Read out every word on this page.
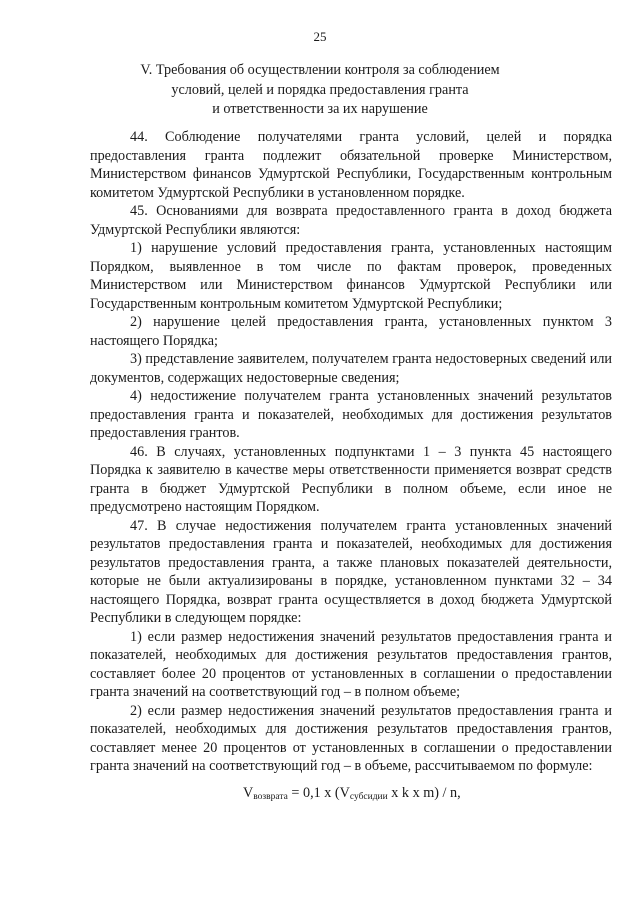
25
V. Требования об осуществлении контроля за соблюдением
условий, целей и порядка предоставления гранта
и ответственности за их нарушение

44. Соблюдение получателями гранта условий, целей и порядка предоставления гранта подлежит обязательной проверке Министерством, Министерством финансов Удмуртской Республики, Государственным контрольным комитетом Удмуртской Республики в установленном порядке.

45. Основаниями для возврата предоставленного гранта в доход бюджета Удмуртской Республики являются:

1) нарушение условий предоставления гранта, установленных настоящим Порядком, выявленное в том числе по фактам проверок, проведенных Министерством или Министерством финансов Удмуртской Республики или Государственным контрольным комитетом Удмуртской Республики;

2) нарушение целей предоставления гранта, установленных пунктом 3 настоящего Порядка;

3) представление заявителем, получателем гранта недостоверных сведений или документов, содержащих недостоверные сведения;

4) недостижение получателем гранта установленных значений результатов предоставления гранта и показателей, необходимых для достижения результатов предоставления грантов.

46. В случаях, установленных подпунктами 1 – 3 пункта 45 настоящего Порядка к заявителю в качестве меры ответственности применяется возврат средств гранта в бюджет Удмуртской Республики в полном объеме, если иное не предусмотрено настоящим Порядком.

47. В случае недостижения получателем гранта установленных значений результатов предоставления гранта и показателей, необходимых для достижения результатов предоставления гранта, а также плановых показателей деятельности, которые не были актуализированы в порядке, установленном пунктами 32 – 34 настоящего Порядка, возврат гранта осуществляется в доход бюджета Удмуртской Республики в следующем порядке:

1) если размер недостижения значений результатов предоставления гранта и показателей, необходимых для достижения результатов предоставления грантов, составляет более 20 процентов от установленных в соглашении о предоставлении гранта значений на соответствующий год – в полном объеме;

2) если размер недостижения значений результатов предоставления гранта и показателей, необходимых для достижения результатов предоставления грантов, составляет менее 20 процентов от установленных в соглашении о предоставлении гранта значений на соответствующий год – в объеме, рассчитываемом по формуле:

$V_{возврата} = 0,1$ x ($V_{субсидии}$ x k x m) / n,
